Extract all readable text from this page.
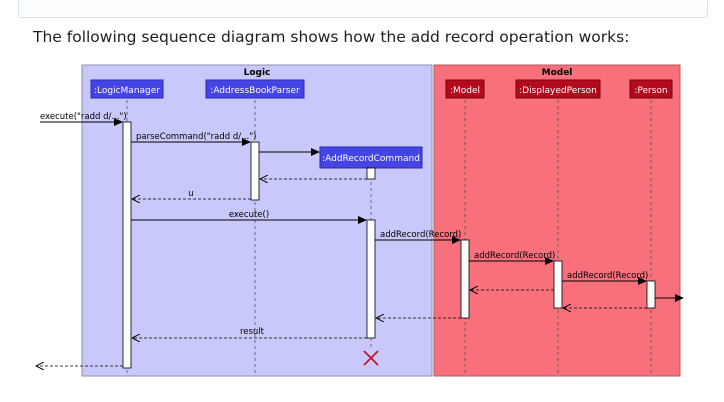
The following sequence diagram shows how the add record operation works:
Logic	Model
:LogicManager	:AddressBookParser
:AddRecordCommand
:Model	:DisplayedPerson	:Person
execute("radd d/...")
parseCommand("radd d/...")
u
execute()
addRecord(Record)
addRecord(Record)
addRecord(Record)
result
